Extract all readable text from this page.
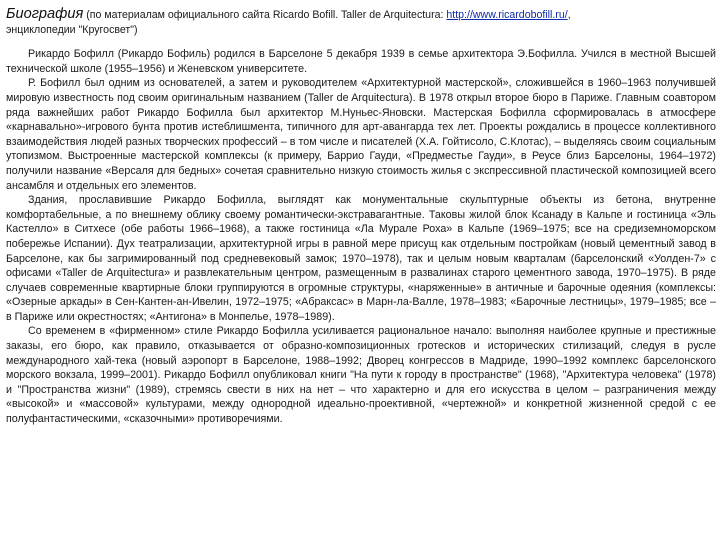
Биография (по материалам официального сайта Ricardo Bofill. Taller de Arquitectura: http://www.ricardobofill.ru/,
энциклопедии "Кругосвет")

Рикардо Бофилл (Рикардо Бофиль) родился в Барселоне 5 декабря 1939 в семье архитектора Э.Бофилла. Учился в местной Высшей технической школе (1955–1956) и Женевском университете.

Р. Бофилл был одним из основателей, а затем и руководителем «Архитектурной мастерской», сложившейся в 1960–1963 получившей мировую известность под своим оригинальным названием (Taller de Arquitectura). В 1978 открыл второе бюро в Париже. Главным соавтором ряда важнейших работ Рикардо Бофилла был архитектор М.Нуньес-Яновски. Мастерская Бофилла сформировалась в атмосфере «карнавально»-игрового бунта против истеблишмента, типичного для арт-авангарда тех лет. Проекты рождались в процессе коллективного взаимодействия людей разных творческих профессий – в том числе и писателей (Х.А. Гойтисоло, С.Клотас), – выделяясь своим социальным утопизмом. Выстроенные мастерской комплексы (к примеру, Баррио Гауди, «Предместье Гауди», в Реусе близ Барселоны, 1964–1972) получили название «Версаля для бедных» сочетая сравнительно низкую стоимость жилья с экспрессивной пластической композицией всего ансамбля и отдельных его элементов.

Здания, прославившие Рикардо Бофилла, выглядят как монументальные скульптурные объекты из бетона, внутренне комфортабельные, а по внешнему облику своему романтически-экстравагантные. Таковы жилой блок Ксанаду в Кальпе и гостиница «Эль Кастелло» в Ситхесе (обе работы 1966–1968), а также гостиница «Ла Мурале Роха» в Кальпе (1969–1975; все на средиземноморском побережье Испании). Дух театрализации, архитектурной игры в равной мере присущ как отдельным постройкам (новый цементный завод в Барселоне, как бы загримированный под средневековый замок; 1970–1978), так и целым новым кварталам (барселонский «Уолден-7» с офисами «Taller de Arquitectura» и развлекательным центром, размещенным в развалинах старого цементного завода, 1970–1975). В ряде случаев современные квартирные блоки группируются в огромные структуры, «наряженные» в античные и барочные одеяния (комплексы: «Озерные аркады» в Сен-Кантен-ан-Ивелин, 1972–1975; «Абраксас» в Марн-ла-Валле, 1978–1983; «Барочные лестницы», 1979–1985; все – в Париже или окрестностях; «Антигона» в Монпелье, 1978–1989).

Со временем в «фирменном» стиле Рикардо Бофилла усиливается рациональное начало: выполняя наиболее крупные и престижные заказы, его бюро, как правило, отказывается от образно-композиционных гротесков и исторических стилизаций, следуя в русле международного хай-тека (новый аэропорт в Барселоне, 1988–1992; Дворец конгрессов в Мадриде, 1990–1992 комплекс барселонского морского вокзала, 1999–2001). Рикардо Бофилл опубликовал книги "На пути к городу в пространстве" (1968), "Архитектура человека" (1978) и "Пространства жизни" (1989), стремясь свести в них на нет – что характерно и для его искусства в целом – разграничения между «высокой» и «массовой» культурами, между однородной идеально-проективной, «чертежной» и конкретной жизненной средой с ее полуфантастическими, «сказочными» противоречиями.
